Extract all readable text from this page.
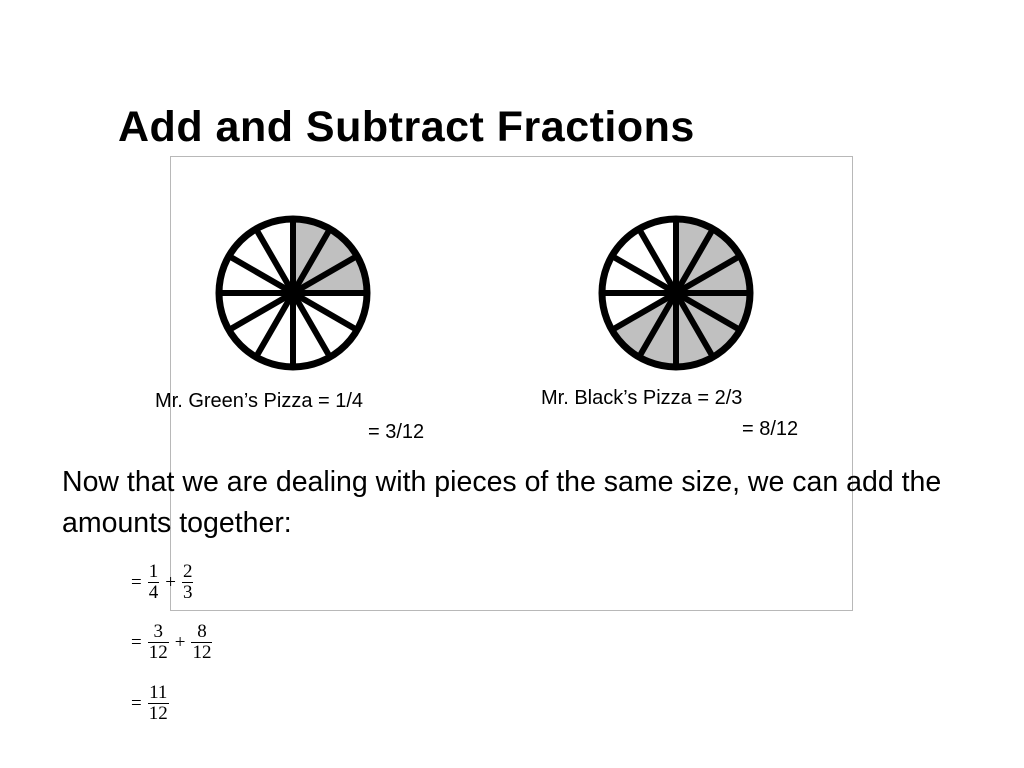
Add and Subtract Fractions
Mr. Green’s Pizza = 1/4
= 3/12
Mr. Black’s Pizza = 2/3
= 8/12

Now that we are dealing with pieces of the same size, we can add the amounts together:

= $\frac{1}{4} + \frac{2}{3}$
= $\frac{3}{12} + \frac{8}{12}$
= $\frac{11}{12}$
